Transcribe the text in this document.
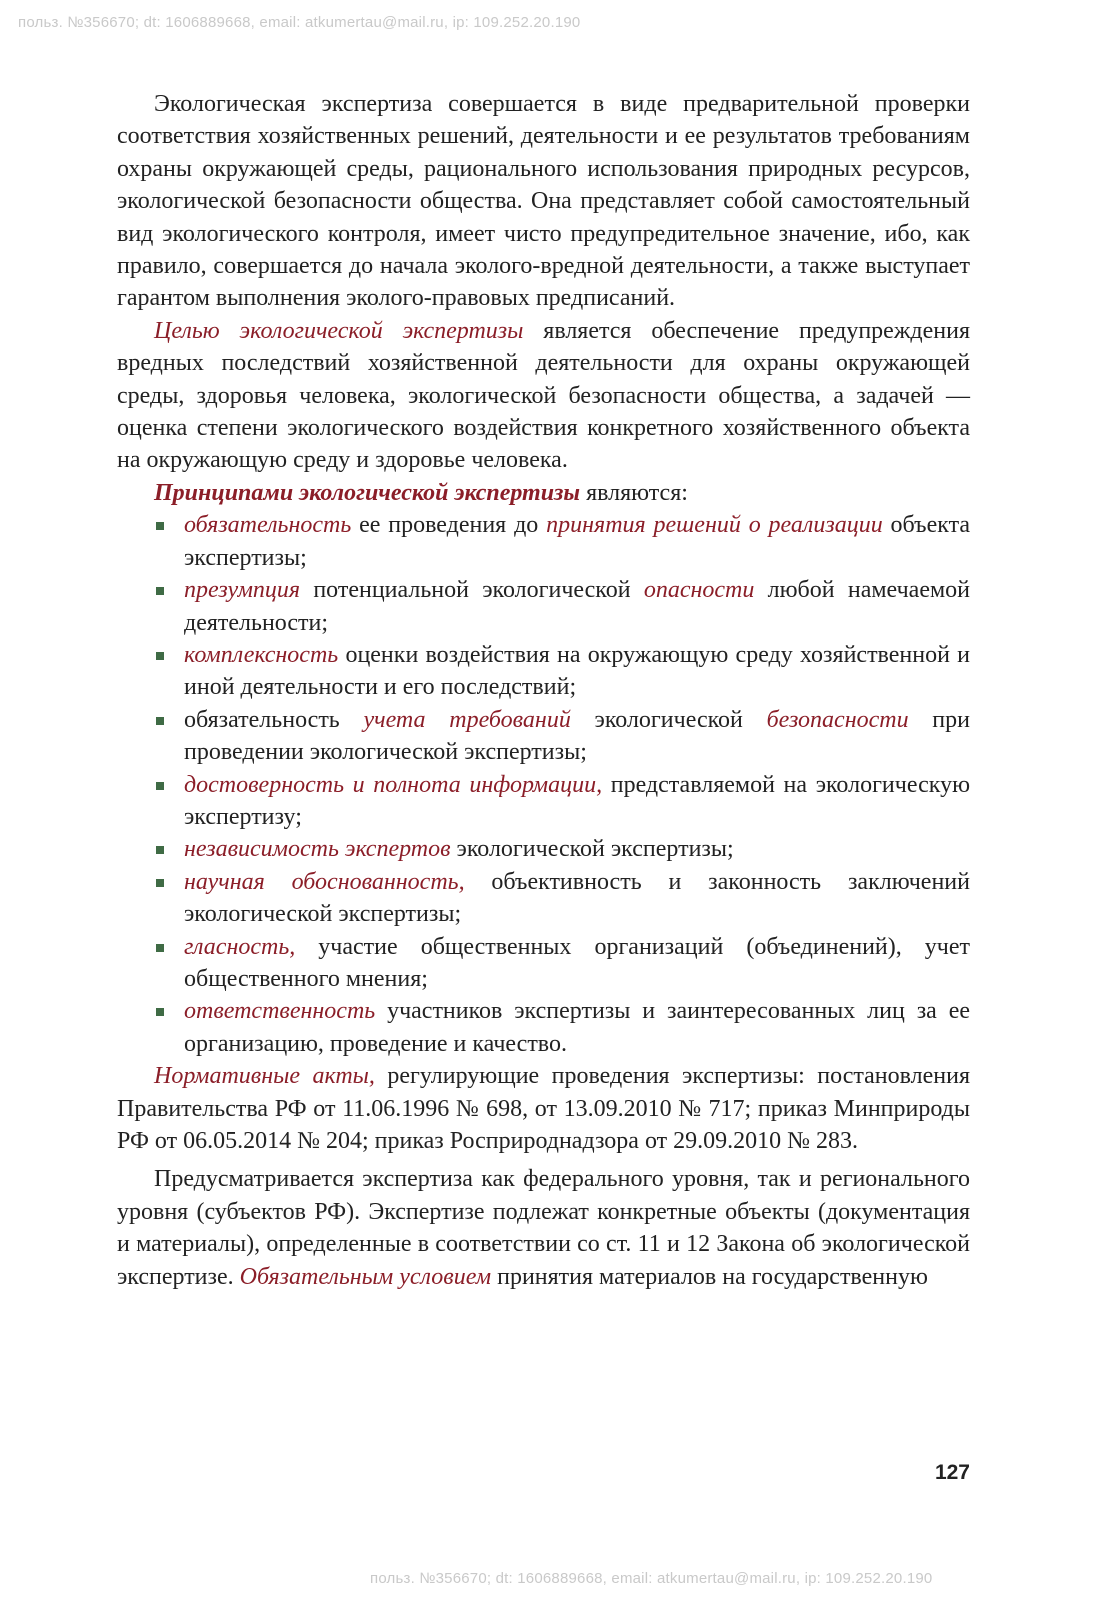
польз. №356670; dt: 1606889668, email: atkumertau@mail.ru, ip: 109.252.20.190

Экологическая экспертиза совершается в виде предварительной проверки соответствия хозяйственных решений, деятельности и ее результатов требованиям охраны окружающей среды, рационального использования природных ресурсов, экологической безопасности общества. Она представляет собой самостоятельный вид экологического контроля, имеет чисто предупредительное значение, ибо, как правило, совершается до начала эколого-вредной деятельности, а также выступает гарантом выполнения эколого-правовых предписаний.

Целью экологической экспертизы является обеспечение предупреждения вредных последствий хозяйственной деятельности для охраны окружающей среды, здоровья человека, экологической безопасности общества, а задачей — оценка степени экологического воздействия конкретного хозяйственного объекта на окружающую среду и здоровье человека.

Принципами экологической экспертизы являются:

обязательность ее проведения до принятия решений о реализации объекта экспертизы;
презумпция потенциальной экологической опасности любой намечаемой деятельности;
комплексность оценки воздействия на окружающую среду хозяйственной и иной деятельности и его последствий;
обязательность учета требований экологической безопасности при проведении экологической экспертизы;
достоверность и полнота информации, представляемой на экологическую экспертизу;
независимость экспертов экологической экспертизы;
научная обоснованность, объективность и законность заключений экологической экспертизы;
гласность, участие общественных организаций (объединений), учет общественного мнения;
ответственность участников экспертизы и заинтересованных лиц за ее организацию, проведение и качество.

Нормативные акты, регулирующие проведения экспертизы: постановления Правительства РФ от 11.06.1996 № 698, от 13.09.2010 № 717; приказ Минприроды РФ от 06.05.2014 № 204; приказ Росприроднадзора от 29.09.2010 № 283.

Предусматривается экспертиза как федерального уровня, так и регионального уровня (субъектов РФ). Экспертизе подлежат конкретные объекты (документация и материалы), определенные в соответствии со ст. 11 и 12 Закона об экологической экспертизе. Обязательным условием принятия материалов на государственную

127
польз. №356670; dt: 1606889668, email: atkumertau@mail.ru, ip: 109.252.20.190
